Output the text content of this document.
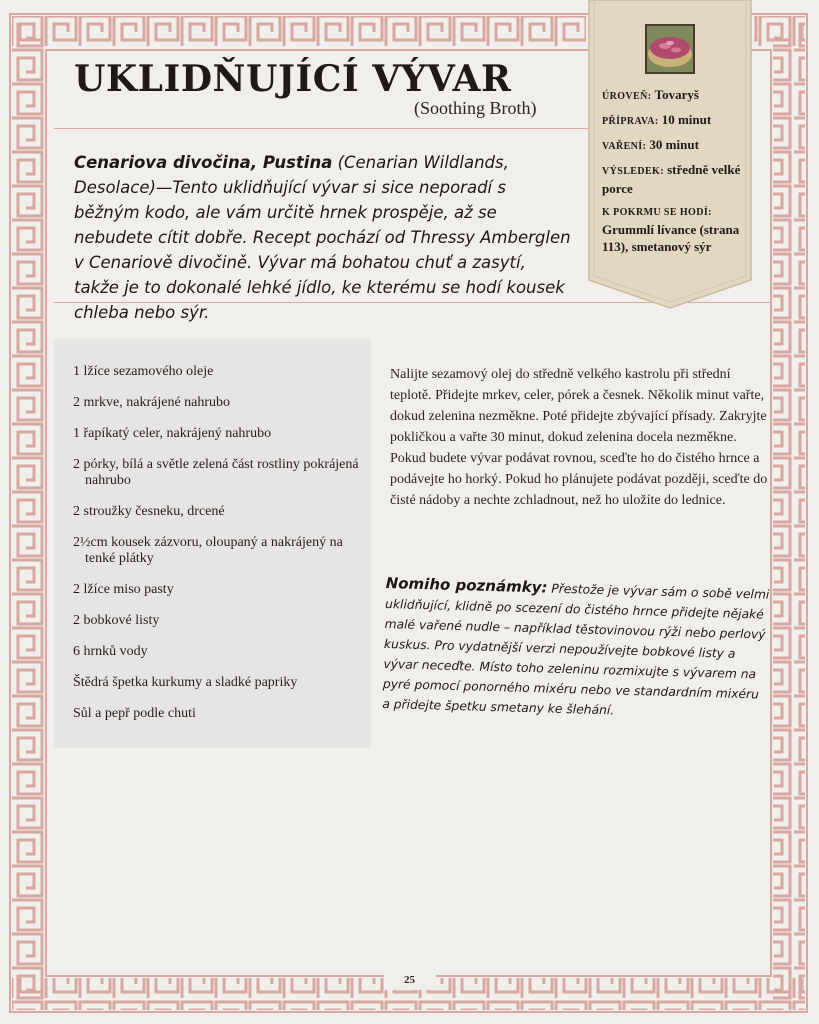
UKLIDŇUJÍCÍ VÝVAR
(Soothing Broth)
Cenariova divočina, Pustina (Cenarian Wildlands, Desolace)—Tento uklidňující vývar si sice neporadí s běžným kodo, ale vám určitě hrnek prospěje, až se nebudete cítit dobře. Recept pochází od Thressy Amberglen v Cenariově divočině. Vývar má bohatou chuť a zasytí, takže je to dokonalé lehké jídlo, ke kterému se hodí kousek chleba nebo sýr.
ÚROVEŇ: Tovaryš
PŘÍPRAVA: 10 minut
VAŘENÍ: 30 minut
VÝSLEDEK: středně velké porce
K POKRMU SE HODÍ:
Grummlí lívance (strana 113), smetanový sýr
1 lžíce sezamového oleje
2 mrkve, nakrájené nahrubo
1 řapíkatý celer, nakrájený nahrubo
2 pórky, bílá a světle zelená část rostliny pokrájená nahrubo
2 stroužky česneku, drcené
2½cm kousek zázvoru, oloupaný a nakrájený na tenké plátky
2 lžíce miso pasty
2 bobkové listy
6 hrnků vody
Štědrá špetka kurkumy a sladké papriky
Sůl a pepř podle chuti
Nalijte sezamový olej do středně velkého kastrolu při střední teplotě. Přidejte mrkev, celer, pórek a česnek. Několik minut vařte, dokud zelenina nezměkne. Poté přidejte zbývající přísady. Zakryjte pokličkou a vařte 30 minut, dokud zelenina docela nezměkne. Pokud budete vývar podávat rovnou, sceďte ho do čistého hrnce a podávejte ho horký. Pokud ho plánujete podávat později, sceďte do čisté nádoby a nechte zchladnout, než ho uložíte do lednice.
Nomiho poznámky: Přestože je vývar sám o sobě velmi uklidňující, klidně po scezení do čistého hrnce přidejte nějaké malé vařené nudle – například těstovinovou rýži nebo perlový kuskus. Pro vydatnější verzi nepoužívejte bobkové listy a vývar neceďte. Místo toho zeleninu rozmixujte s vývarem na pyré pomocí ponorného mixéru nebo ve standardním mixéru a přidejte špetku smetany ke šlehání.
25
